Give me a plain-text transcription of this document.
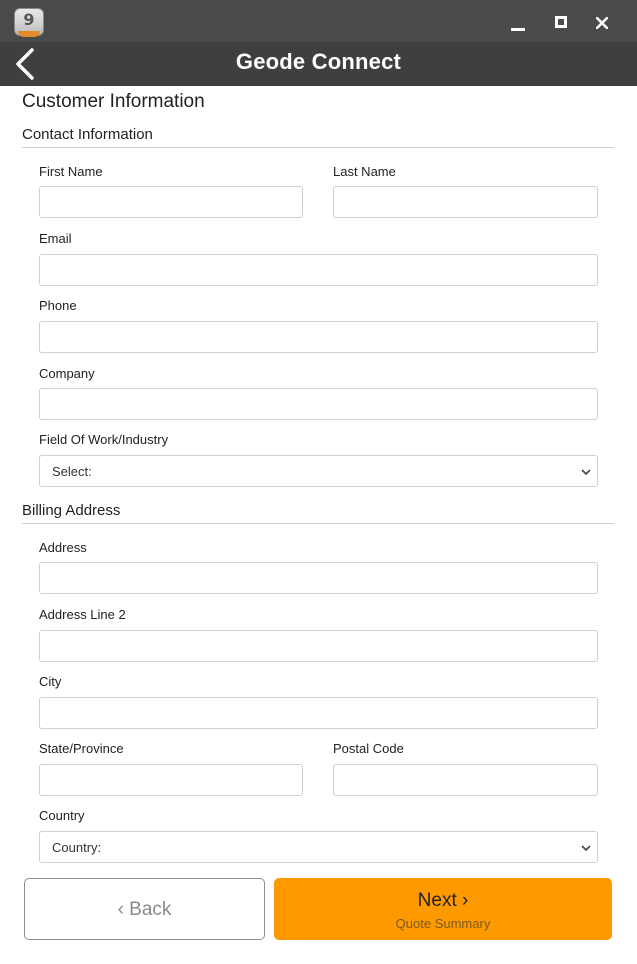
9
Geode Connect
Customer Information
Contact Information
First Name	Last Name
Email
Phone
Company
Field Of Work/Industry
Select:
Billing Address
Address
Address Line 2
City
State/Province	Postal Code
Country
Country:
‹ Back	Next ›
Quote Summary
